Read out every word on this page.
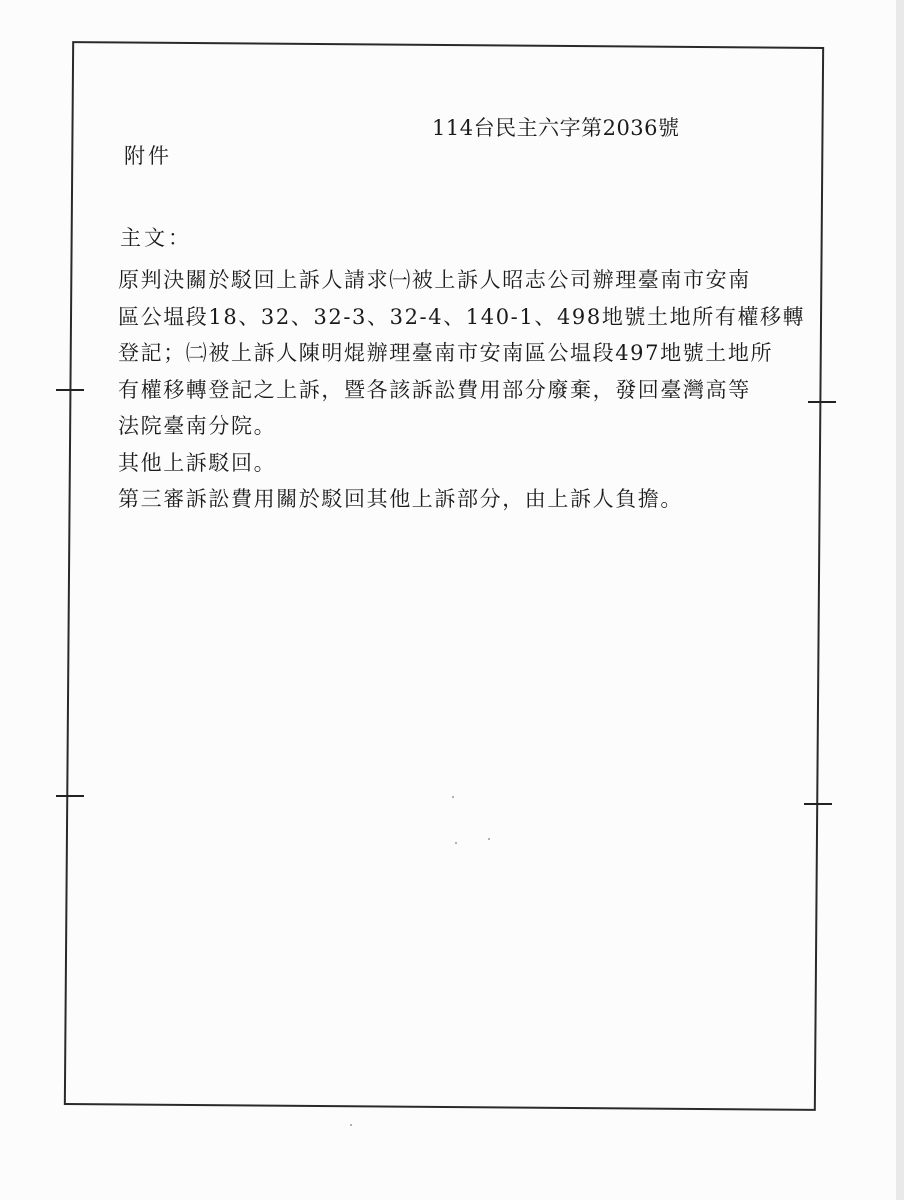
114台民主六字第2036號
附件
主文：
原判決關於駁回上訴人請求㈠被上訴人昭志公司辦理臺南市安南
區公塭段18、32、32-3、32-4、140-1、498地號土地所有權移轉
登記；㈡被上訴人陳明焜辦理臺南市安南區公塭段497地號土地所
有權移轉登記之上訴，暨各該訴訟費用部分廢棄，發回臺灣高等
法院臺南分院。
其他上訴駁回。
第三審訴訟費用關於駁回其他上訴部分，由上訴人負擔。
